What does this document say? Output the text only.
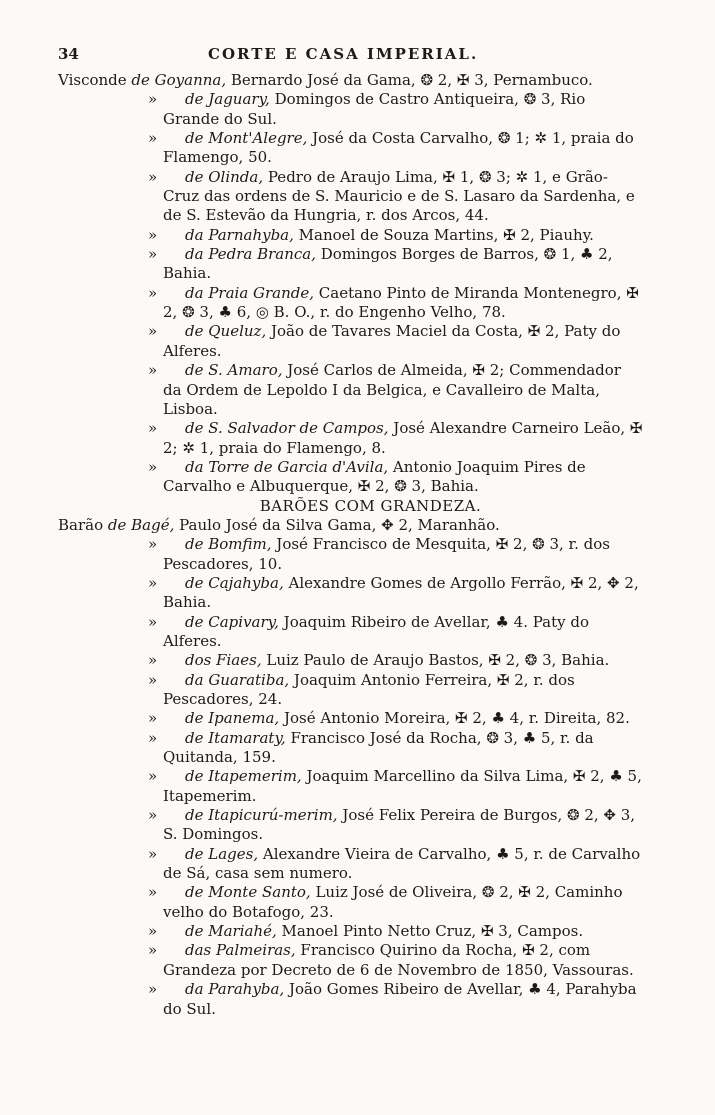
34	CORTE E CASA IMPERIAL.

Visconde de Goyanna, Bernardo José da Gama, ❂ 2, ✠ 3, Pernambuco.

» de Jaguary, Domingos de Castro Antiqueira, ❂ 3, Rio Grande do Sul.

» de Mont'Alegre, José da Costa Carvalho, ❂ 1; ✲ 1, praia do Flamengo, 50.

» de Olinda, Pedro de Araujo Lima, ✠ 1, ❂ 3; ✲ 1, e Grão-Cruz das ordens de S. Mauricio e de S. Lasaro da Sardenha, e de S. Estevão da Hungria, r. dos Arcos, 44.

» da Parnahyba, Manoel de Souza Martins, ✠ 2, Piauhy.

» da Pedra Branca, Domingos Borges de Barros, ❂ 1, ♣ 2, Bahia.

» da Praia Grande, Caetano Pinto de Miranda Montenegro, ✠ 2, ❂ 3, ♣ 6, ◎ B. O., r. do Engenho Velho, 78.

» de Queluz, João de Tavares Maciel da Costa, ✠ 2, Paty do Alferes.

» de S. Amaro, José Carlos de Almeida, ✠ 2; Commendador da Ordem de Lepoldo I da Belgica, e Cavalleiro de Malta, Lisboa.

» de S. Salvador de Campos, José Alexandre Carneiro Leão, ✠ 2; ✲ 1, praia do Flamengo, 8.

» da Torre de Garcia d'Avila, Antonio Joaquim Pires de Carvalho e Albuquerque, ✠ 2, ❂ 3, Bahia.

BARÕES COM GRANDEZA.

Barão de Bagé, Paulo José da Silva Gama, ✥ 2, Maranhão.

» de Bomfim, José Francisco de Mesquita, ✠ 2, ❂ 3, r. dos Pescadores, 10.

» de Cajahyba, Alexandre Gomes de Argollo Ferrão, ✠ 2, ✥ 2, Bahia.

» de Capivary, Joaquim Ribeiro de Avellar, ♣ 4. Paty do Alferes.

» dos Fiaes, Luiz Paulo de Araujo Bastos, ✠ 2, ❂ 3, Bahia.

» da Guaratiba, Joaquim Antonio Ferreira, ✠ 2, r. dos Pescadores, 24.

» de Ipanema, José Antonio Moreira, ✠ 2, ♣ 4, r. Direita, 82.

» de Itamaraty, Francisco José da Rocha, ❂ 3, ♣ 5, r. da Quitanda, 159.

» de Itapemerim, Joaquim Marcellino da Silva Lima, ✠ 2, ♣ 5, Itapemerim.

» de Itapicurú-merim, José Felix Pereira de Burgos, ❂ 2, ✥ 3, S. Domingos.

» de Lages, Alexandre Vieira de Carvalho, ♣ 5, r. de Carvalho de Sá, casa sem numero.

» de Monte Santo, Luiz José de Oliveira, ❂ 2, ✠ 2, Caminho velho do Botafogo, 23.

» de Mariahé, Manoel Pinto Netto Cruz, ✠ 3, Campos.

» das Palmeiras, Francisco Quirino da Rocha, ✠ 2, com Grandeza por Decreto de 6 de Novembro de 1850, Vassouras.

» da Parahyba, João Gomes Ribeiro de Avellar, ♣ 4, Parahyba do Sul.
